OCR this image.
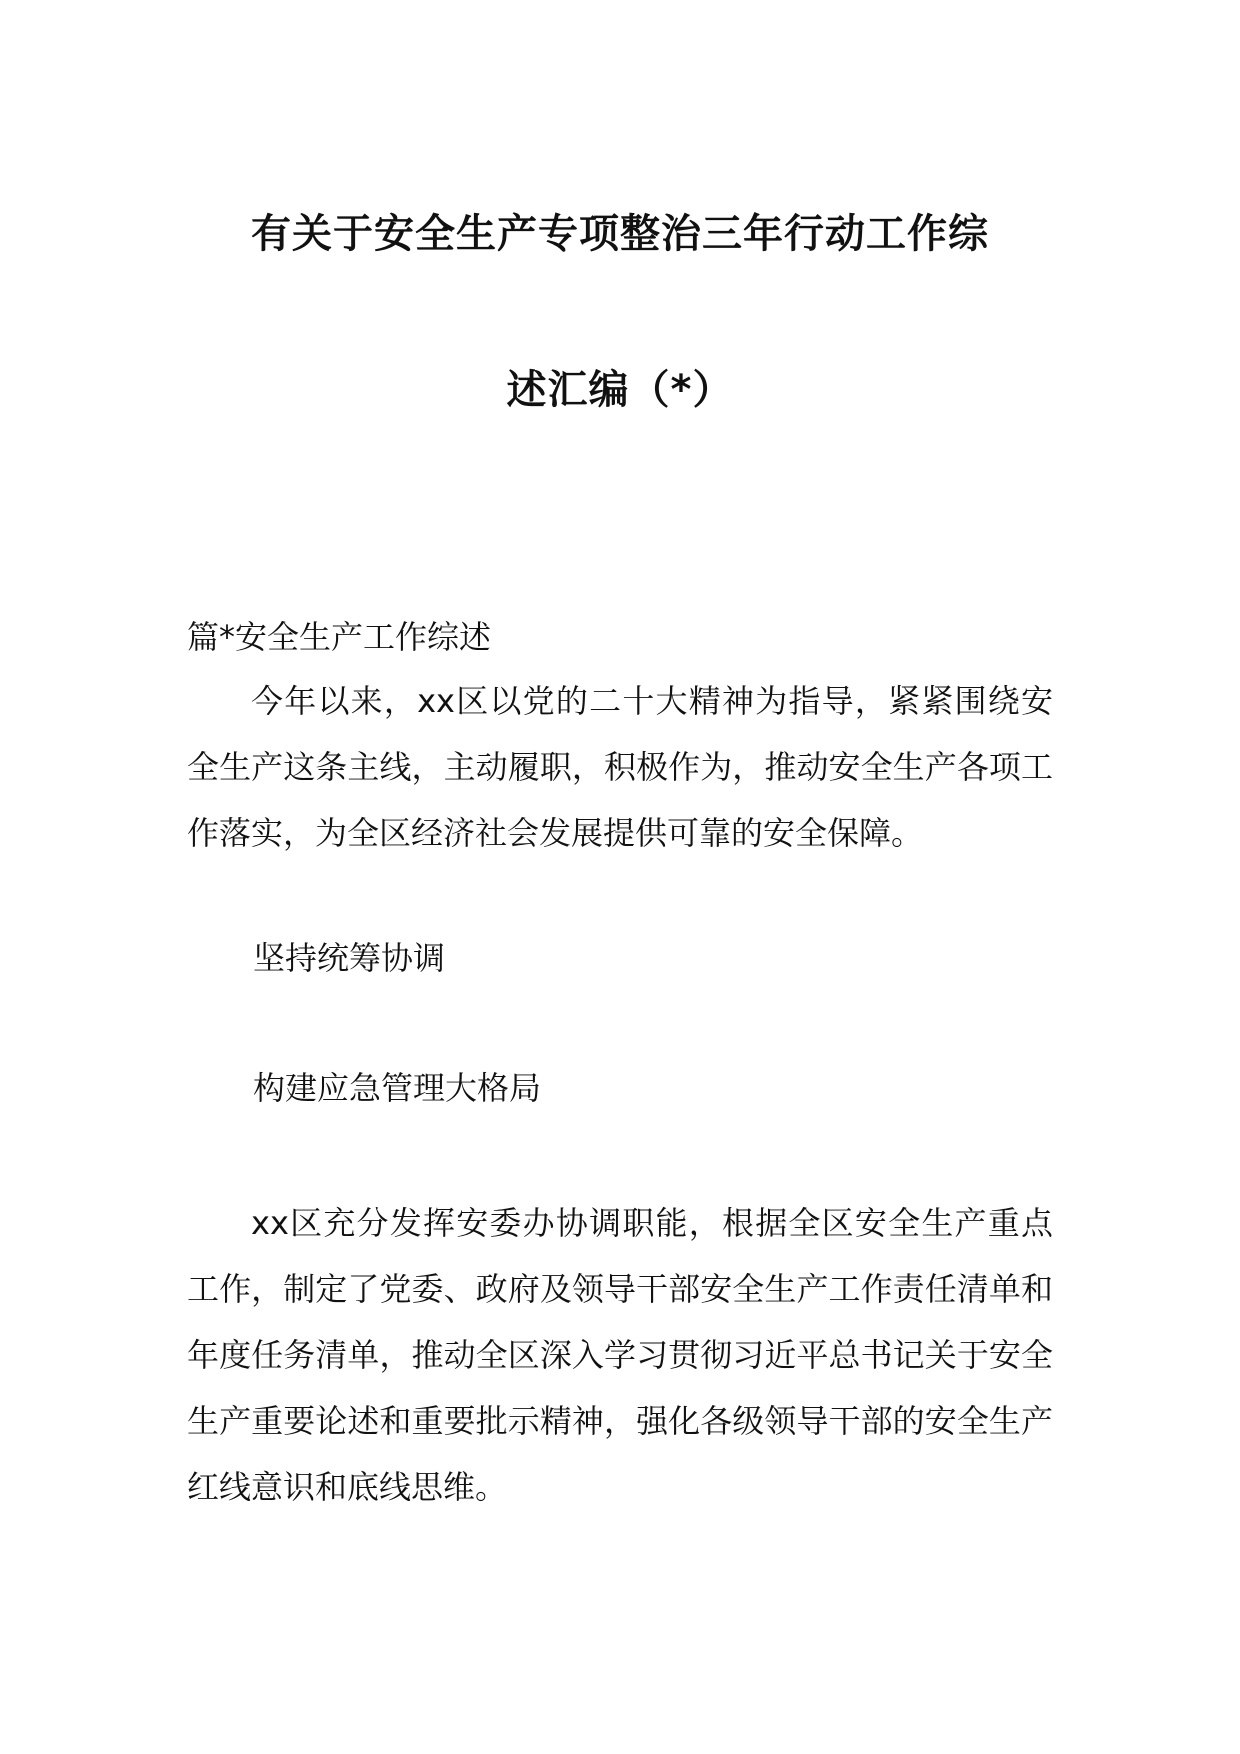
有关于安全生产专项整治三年行动工作综
述汇编（*）
篇*安全生产工作综述

今年以来，xx区以党的二十大精神为指导，紧紧围绕安全生产这条主线，主动履职，积极作为，推动安全生产各项工作落实，为全区经济社会发展提供可靠的安全保障。

坚持统筹协调
构建应急管理大格局

xx区充分发挥安委办协调职能，根据全区安全生产重点工作，制定了党委、政府及领导干部安全生产工作责任清单和年度任务清单，推动全区深入学习贯彻习近平总书记关于安全生产重要论述和重要批示精神，强化各级领导干部的安全生产红线意识和底线思维。
